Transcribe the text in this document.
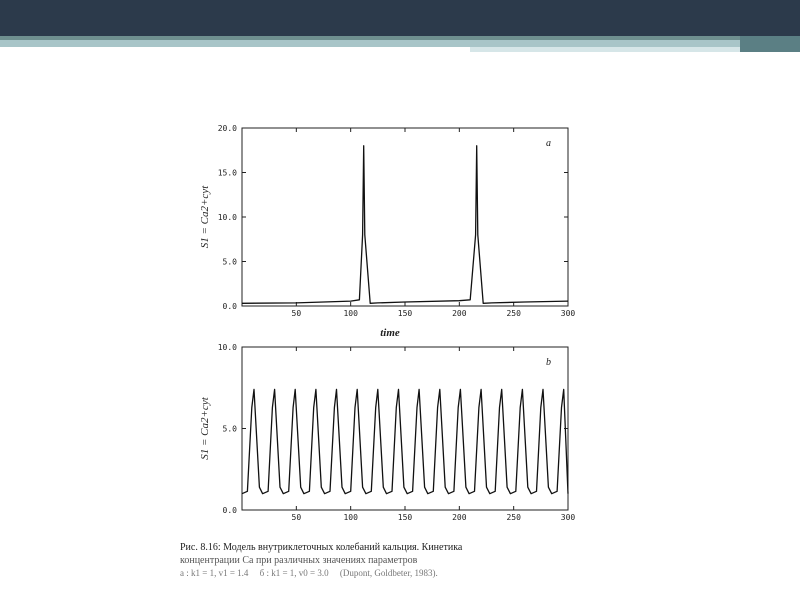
50	100	150	200	250	300
0.0
5.0
10.0
15.0
20.0
a
S1 = Ca2+cyt
time
50	100	150	200	250	300
0.0
5.0
10.0
b
S1 = Ca2+cyt
Рис. 8.16: Модель внутриклеточных колебаний кальция. Кинетика
концентрации Ca при различных значениях параметров
a : k1 = 1, v1 = 1.4 б : k1 = 1, v0 = 3.0 (Dupont, Goldbeter, 1983).
